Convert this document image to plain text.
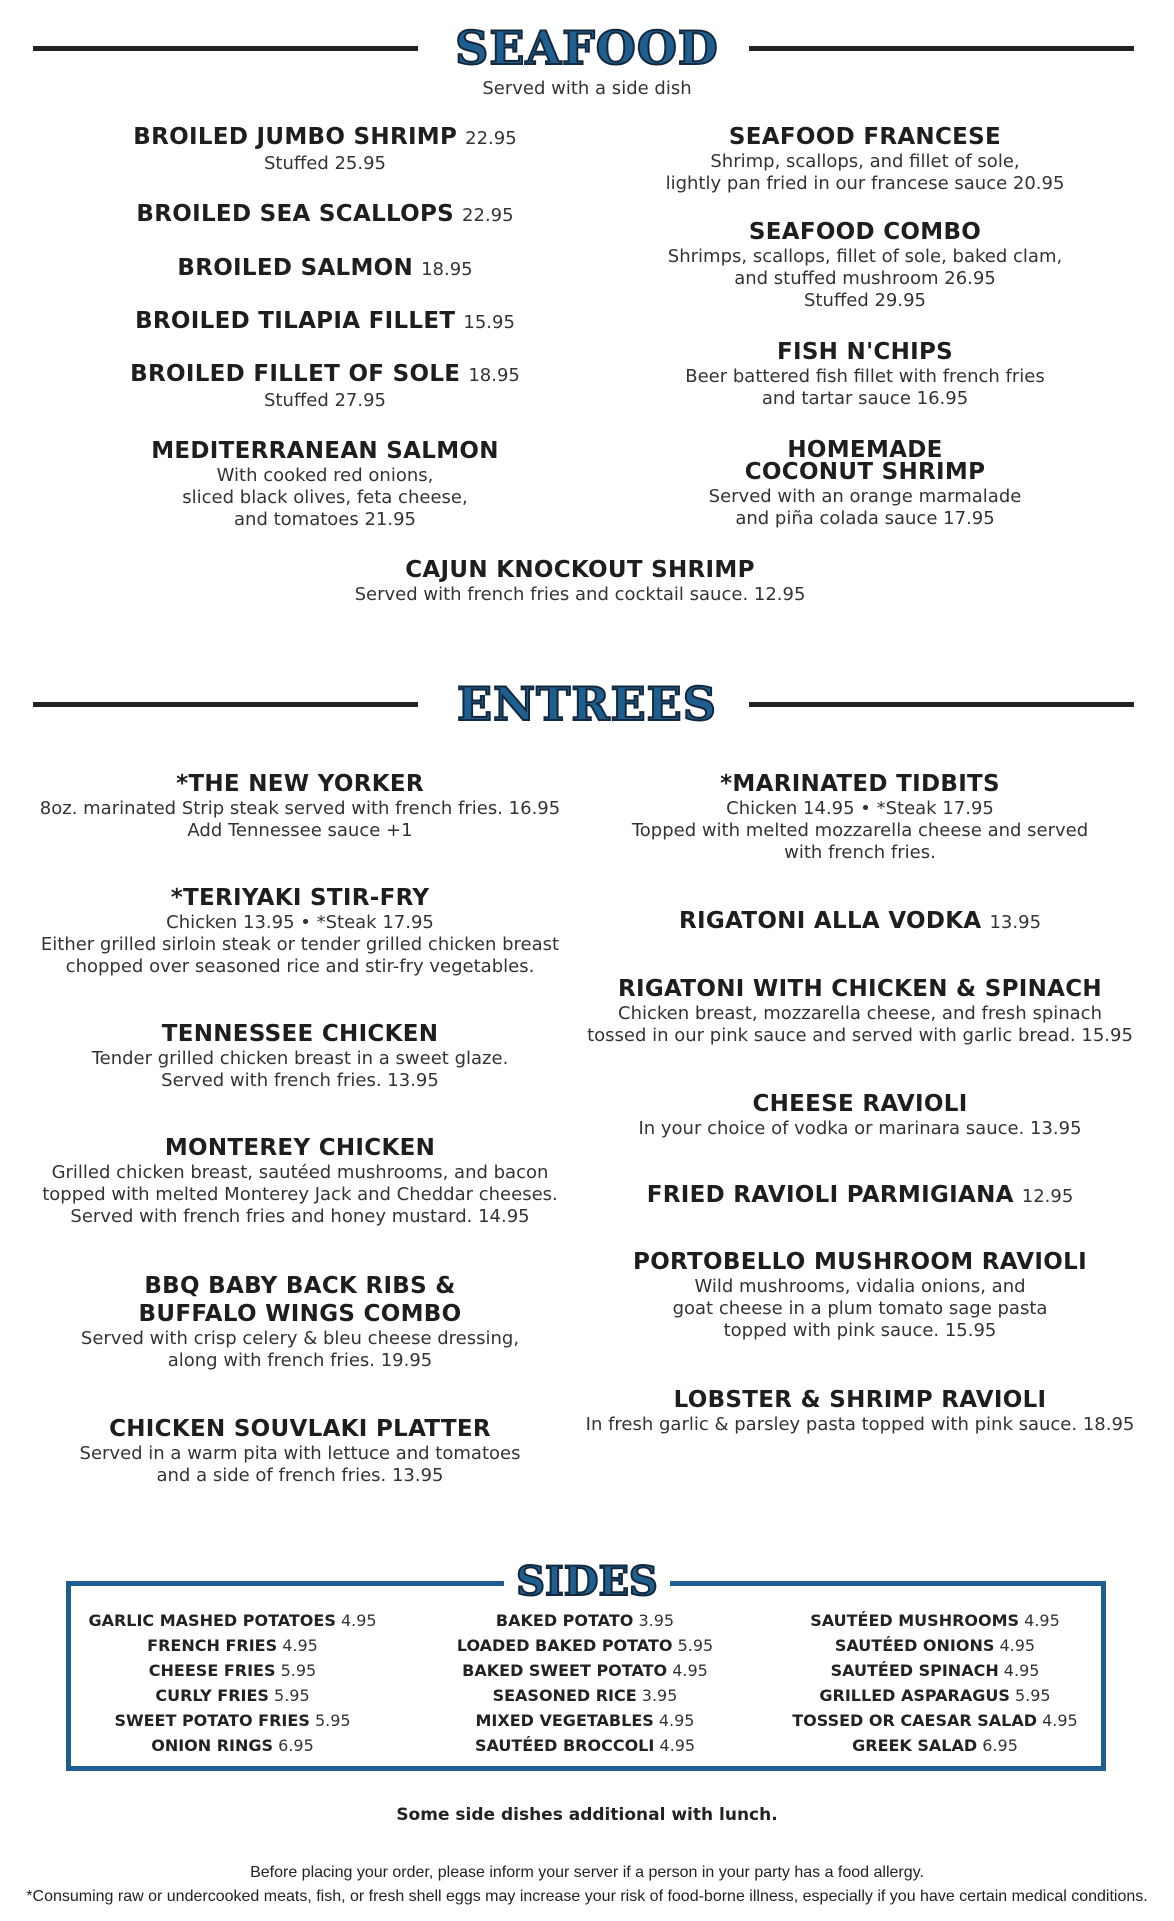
SEAFOOD
Served with a side dish
BROILED JUMBO SHRIMP 22.95
Stuffed 25.95
BROILED SEA SCALLOPS 22.95
BROILED SALMON 18.95
BROILED TILAPIA FILLET 15.95
BROILED FILLET OF SOLE 18.95
Stuffed 27.95
MEDITERRANEAN SALMON
With cooked red onions,
sliced black olives, feta cheese,
and tomatoes 21.95
SEAFOOD FRANCESE
Shrimp, scallops, and fillet of sole,
lightly pan fried in our francese sauce 20.95
SEAFOOD COMBO
Shrimps, scallops, fillet of sole, baked clam,
and stuffed mushroom 26.95
Stuffed 29.95
FISH N'CHIPS
Beer battered fish fillet with french fries
and tartar sauce 16.95
HOMEMADE
COCONUT SHRIMP
Served with an orange marmalade
and piña colada sauce 17.95
CAJUN KNOCKOUT SHRIMP
Served with french fries and cocktail sauce. 12.95
ENTREES
*THE NEW YORKER
8oz. marinated Strip steak served with french fries. 16.95
Add Tennessee sauce +1
*TERIYAKI STIR-FRY
Chicken 13.95 • *Steak 17.95
Either grilled sirloin steak or tender grilled chicken breast
chopped over seasoned rice and stir-fry vegetables.
TENNESSEE CHICKEN
Tender grilled chicken breast in a sweet glaze.
Served with french fries. 13.95
MONTEREY CHICKEN
Grilled chicken breast, sautéed mushrooms, and bacon
topped with melted Monterey Jack and Cheddar cheeses.
Served with french fries and honey mustard. 14.95
BBQ BABY BACK RIBS &
BUFFALO WINGS COMBO
Served with crisp celery & bleu cheese dressing,
along with french fries. 19.95
CHICKEN SOUVLAKI PLATTER
Served in a warm pita with lettuce and tomatoes
and a side of french fries. 13.95
*MARINATED TIDBITS
Chicken 14.95 • *Steak 17.95
Topped with melted mozzarella cheese and served
with french fries.
RIGATONI ALLA VODKA 13.95
RIGATONI WITH CHICKEN & SPINACH
Chicken breast, mozzarella cheese, and fresh spinach
tossed in our pink sauce and served with garlic bread. 15.95
CHEESE RAVIOLI
In your choice of vodka or marinara sauce. 13.95
FRIED RAVIOLI PARMIGIANA 12.95
PORTOBELLO MUSHROOM RAVIOLI
Wild mushrooms, vidalia onions, and
goat cheese in a plum tomato sage pasta
topped with pink sauce. 15.95
LOBSTER & SHRIMP RAVIOLI
In fresh garlic & parsley pasta topped with pink sauce. 18.95
SIDES
GARLIC MASHED POTATOES 4.95
FRENCH FRIES 4.95
CHEESE FRIES 5.95
CURLY FRIES 5.95
SWEET POTATO FRIES 5.95
ONION RINGS 6.95
BAKED POTATO 3.95
LOADED BAKED POTATO 5.95
BAKED SWEET POTATO 4.95
SEASONED RICE 3.95
MIXED VEGETABLES 4.95
SAUTÉED BROCCOLI 4.95
SAUTÉED MUSHROOMS 4.95
SAUTÉED ONIONS 4.95
SAUTÉED SPINACH 4.95
GRILLED ASPARAGUS 5.95
TOSSED OR CAESAR SALAD 4.95
GREEK SALAD 6.95
Some side dishes additional with lunch.
Before placing your order, please inform your server if a person in your party has a food allergy.
*Consuming raw or undercooked meats, fish, or fresh shell eggs may increase your risk of food-borne illness, especially if you have certain medical conditions.
